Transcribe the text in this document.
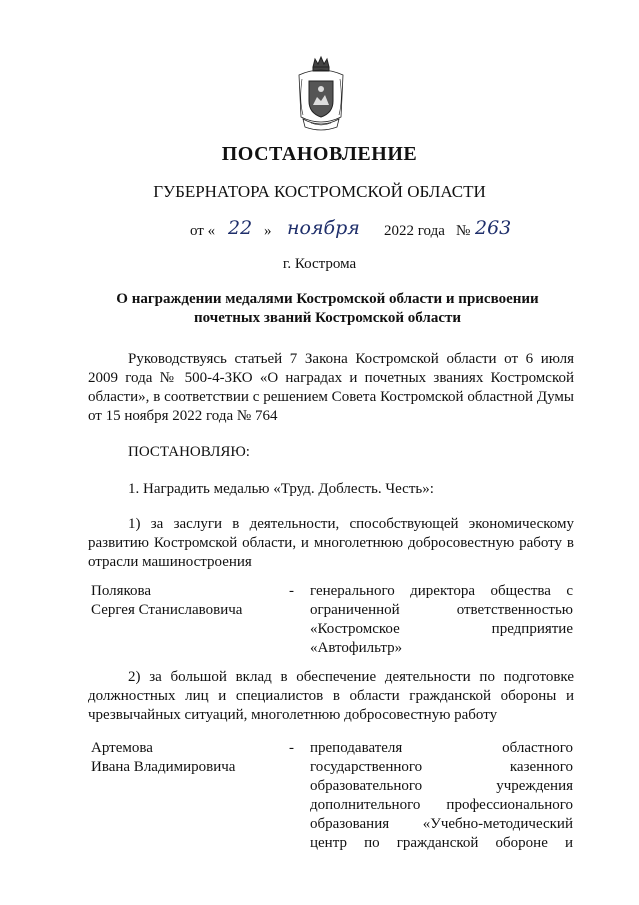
ПОСТАНОВЛЕНИЕ
ГУБЕРНАТОРА КОСТРОМСКОЙ ОБЛАСТИ
от « 22 » ноября 2022 года № 263
г. Кострома
О награждении медалями Костромской области и присвоении почетных званий Костромской области
Руководствуясь статьей 7 Закона Костромской области от 6 июля 2009 года № 500-4-ЗКО «О наградах и почетных званиях Костромской области», в соответствии с решением Совета Костромской областной Думы от 15 ноября 2022 года № 764
ПОСТАНОВЛЯЮ:
1. Наградить медалью «Труд. Доблесть. Честь»:
1) за заслуги в деятельности, способствующей экономическому развитию Костромской области, и многолетнюю добросовестную работу в отрасли машиностроения
Полякова
Сергея Станиславовича
- генерального директора общества с ограниченной ответственностью «Костромское предприятие «Автофильтр»
2) за большой вклад в обеспечение деятельности по подготовке должностных лиц и специалистов в области гражданской обороны и чрезвычайных ситуаций, многолетнюю добросовестную работу
Артемова
Ивана Владимировича
- преподавателя областного государственного казенного образовательного учреждения дополнительного профессионального образования «Учебно-методический центр по гражданской обороне и
